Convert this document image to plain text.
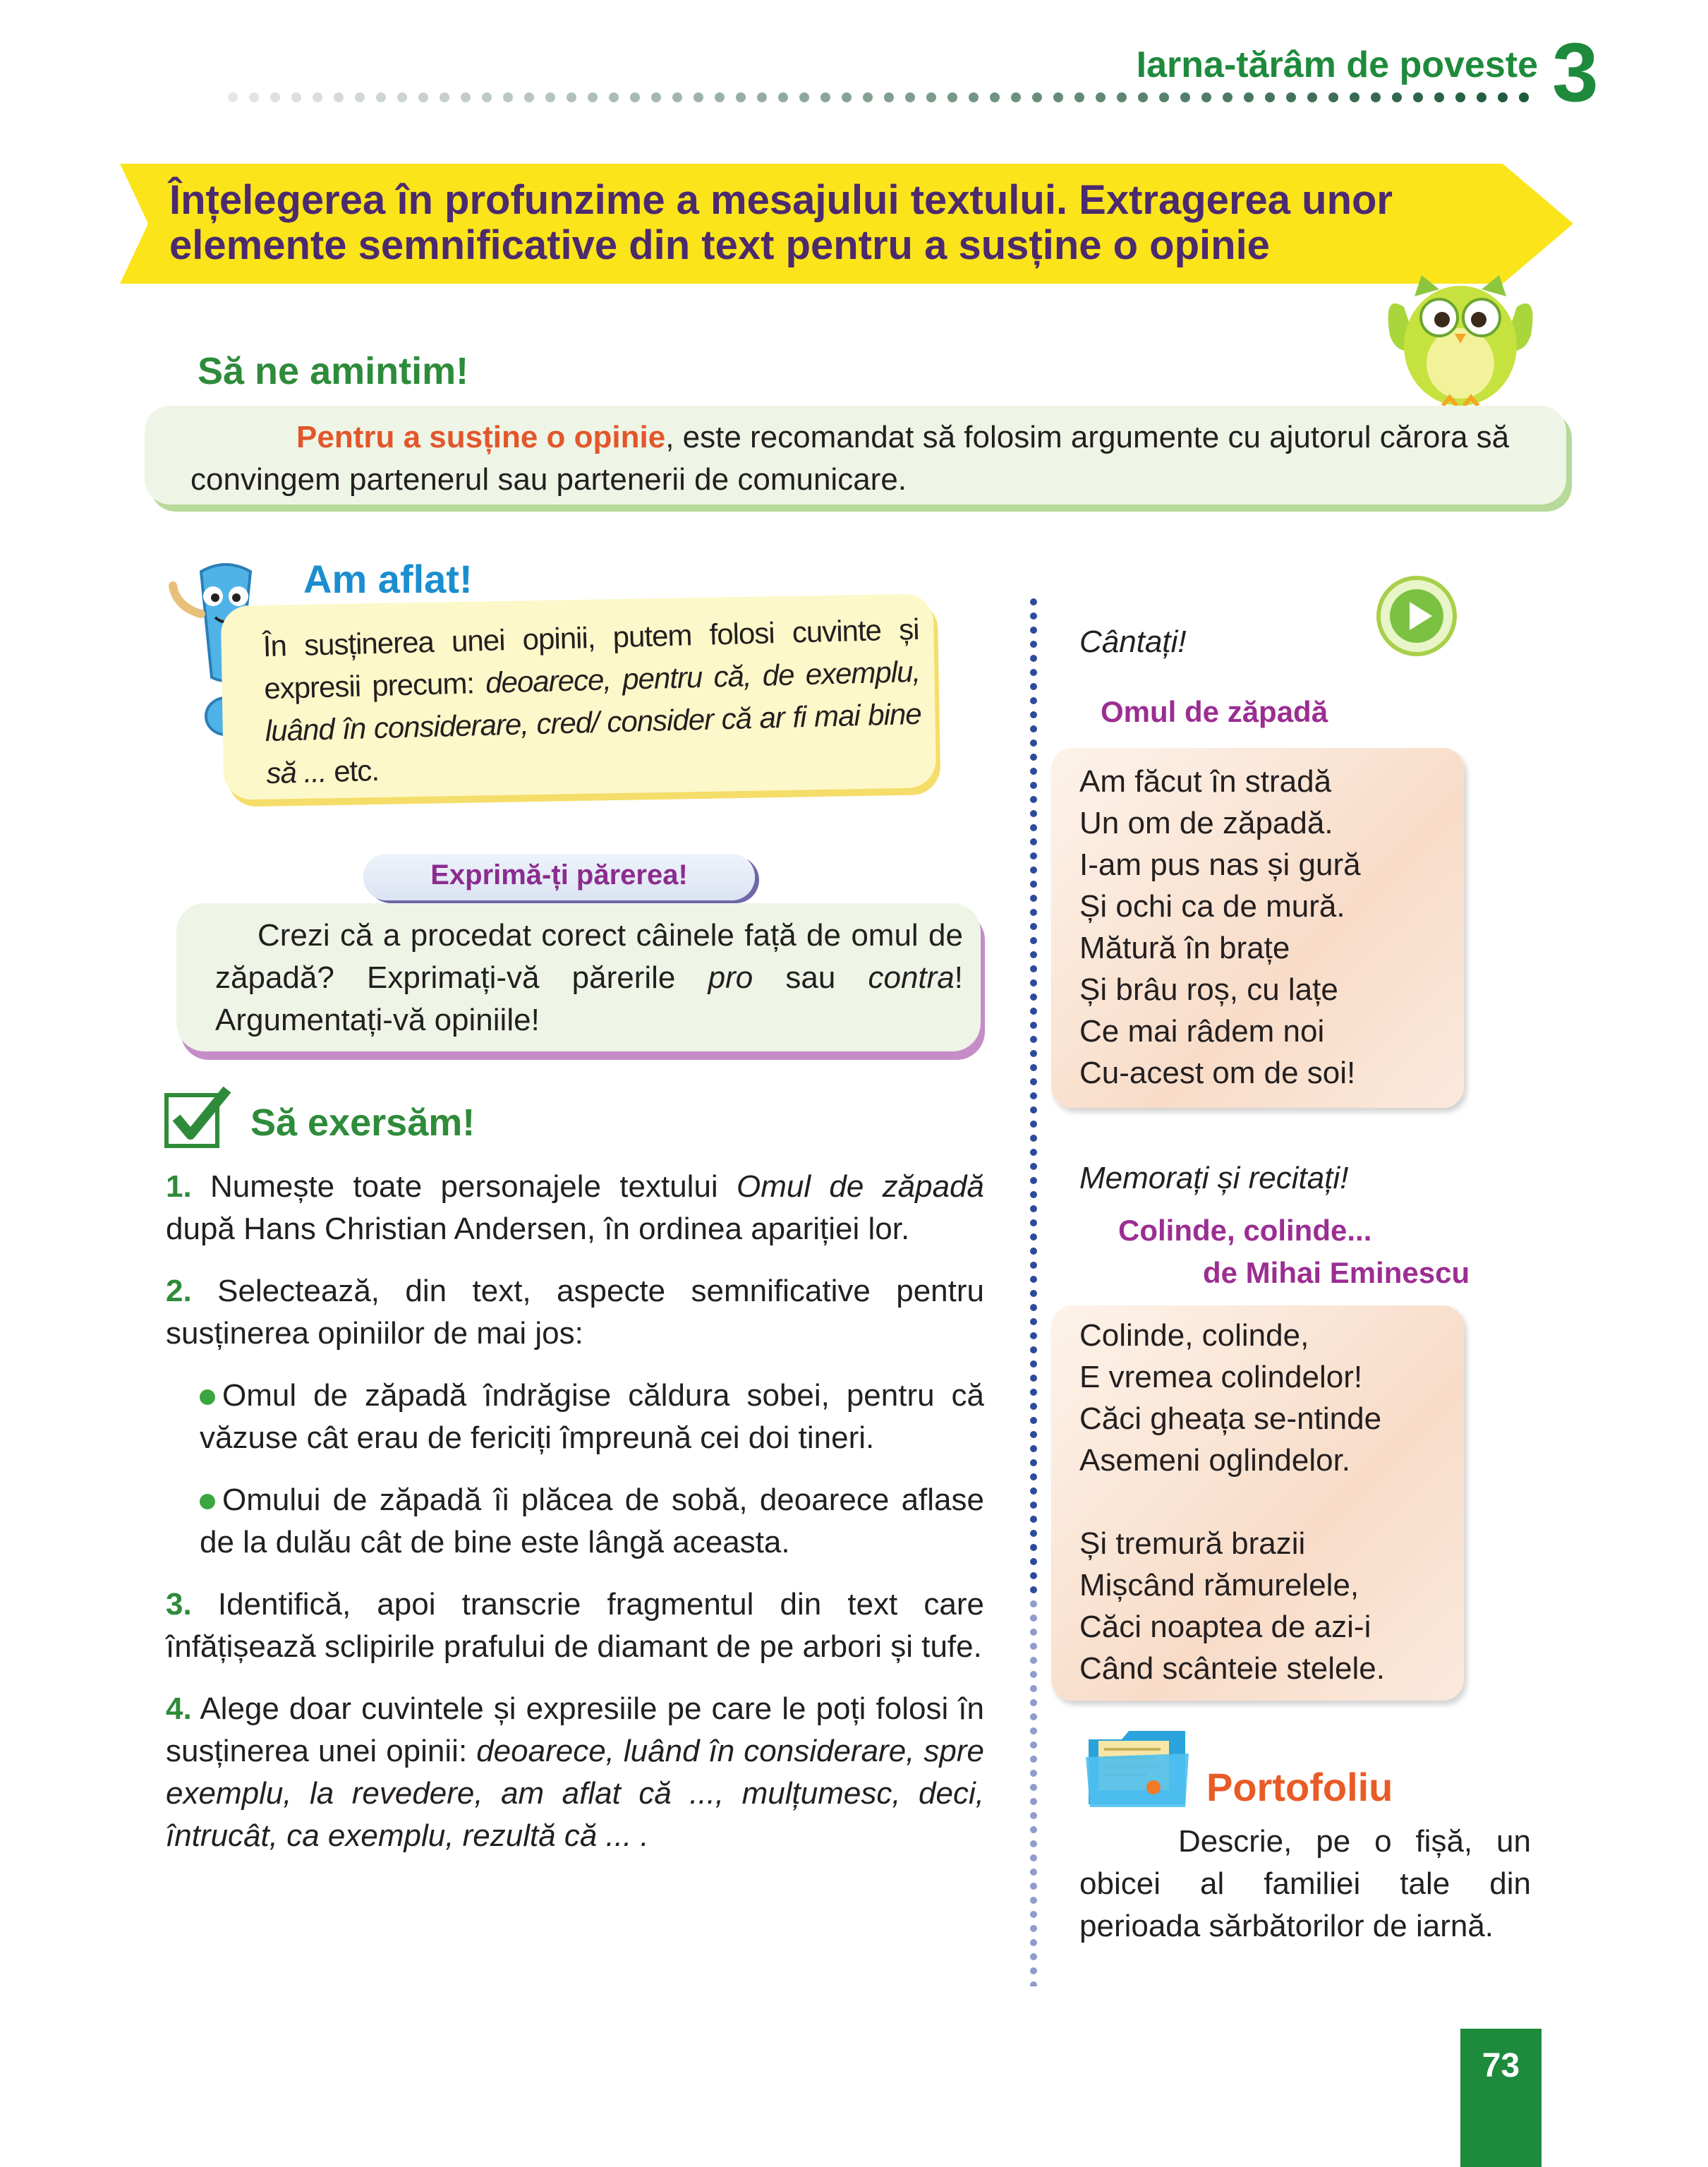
Iarna-tărâm de poveste 3
Înțelegerea în profunzime a mesajului textului. Extragerea unor
elemente semnificative din text pentru a susține o opinie
Să ne amintim!
Pentru a susține o opinie, este recomandat să folosim argumente cu ajutorul cărora să convingem partenerul sau partenerii de comunicare.
Am aflat!
În susținerea unei opinii, putem folosi cuvinte și expresii precum: deoarece, pentru că, de exemplu, luând în considerare, cred/ consider că ar fi mai bine să ... etc.
Exprimă-ți părerea!
Crezi că a procedat corect câinele față de omul de zăpadă? Exprimați-vă părerile pro sau contra! Argumentați-vă opiniile!
Să exersăm!
1. Numește toate personajele textului Omul de zăpadă după Hans Christian Andersen, în ordinea apariției lor.
2. Selectează, din text, aspecte semnificative pentru susținerea opiniilor de mai jos:
Omul de zăpadă îndrăgise căldura sobei, pentru că văzuse cât erau de fericiți împreună cei doi tineri.
Omului de zăpadă îi plăcea de sobă, deoarece aflase de la dulău cât de bine este lângă aceasta.
3. Identifică, apoi transcrie fragmentul din text care înfățișează sclipirile prafului de diamant de pe arbori și tufe.
4. Alege doar cuvintele și expresiile pe care le poți folosi în susținerea unei opinii: deoarece, luând în considerare, spre exemplu, la revedere, am aflat că ..., mulțumesc, deci, întrucât, ca exemplu, rezultă că ... .
Cântați!
Omul de zăpadă
Am făcut în stradă
Un om de zăpadă.
I-am pus nas și gură
Și ochi ca de mură.
Mătură în brațe
Și brâu roș, cu lațe
Ce mai râdem noi
Cu-acest om de soi!
Memorați și recitați!
Colinde, colinde...
de Mihai Eminescu
Colinde, colinde,
E vremea colindelor!
Căci gheața se-ntinde
Asemeni oglindelor.
Și tremură brazii
Mișcând rămurelele,
Căci noaptea de azi-i
Când scânteie stelele.
Portofoliu
Descrie, pe o fișă, un obicei al familiei tale din perioada sărbătorilor de iarnă.
73
